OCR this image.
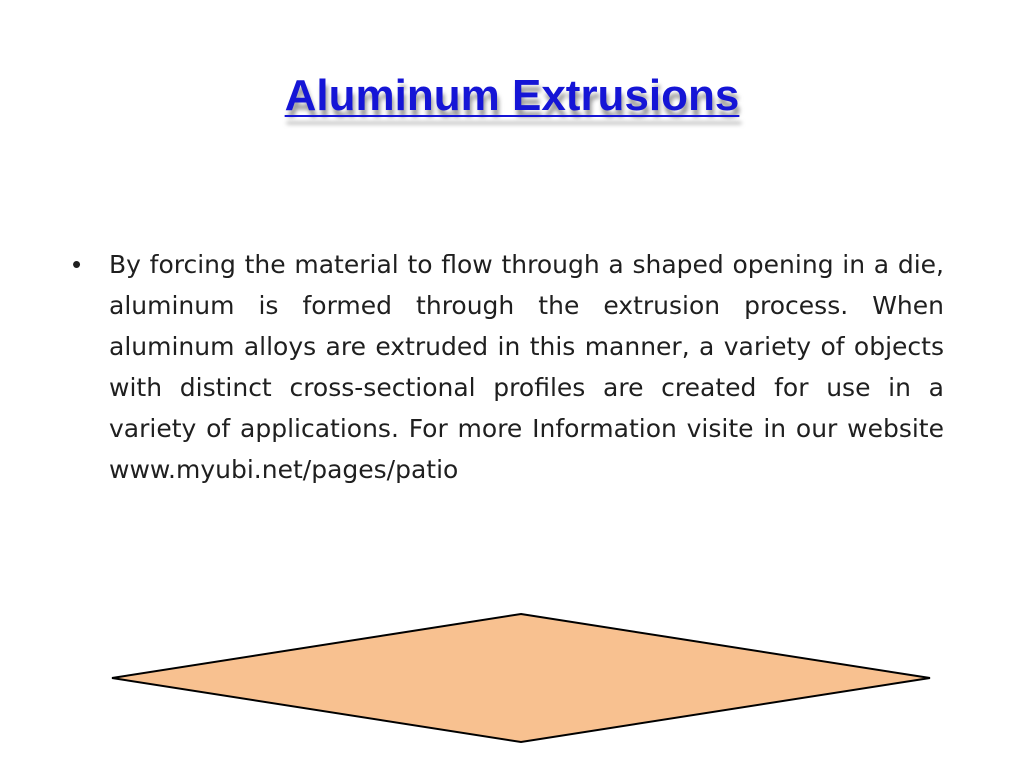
Aluminum Extrusions
• By forcing the material to flow through a shaped opening in a die, aluminum is formed through the extrusion process. When aluminum alloys are extruded in this manner, a variety of objects with distinct cross-sectional profiles are created for use in a variety of applications. For more Information visite in our website www.myubi.net/pages/patio
